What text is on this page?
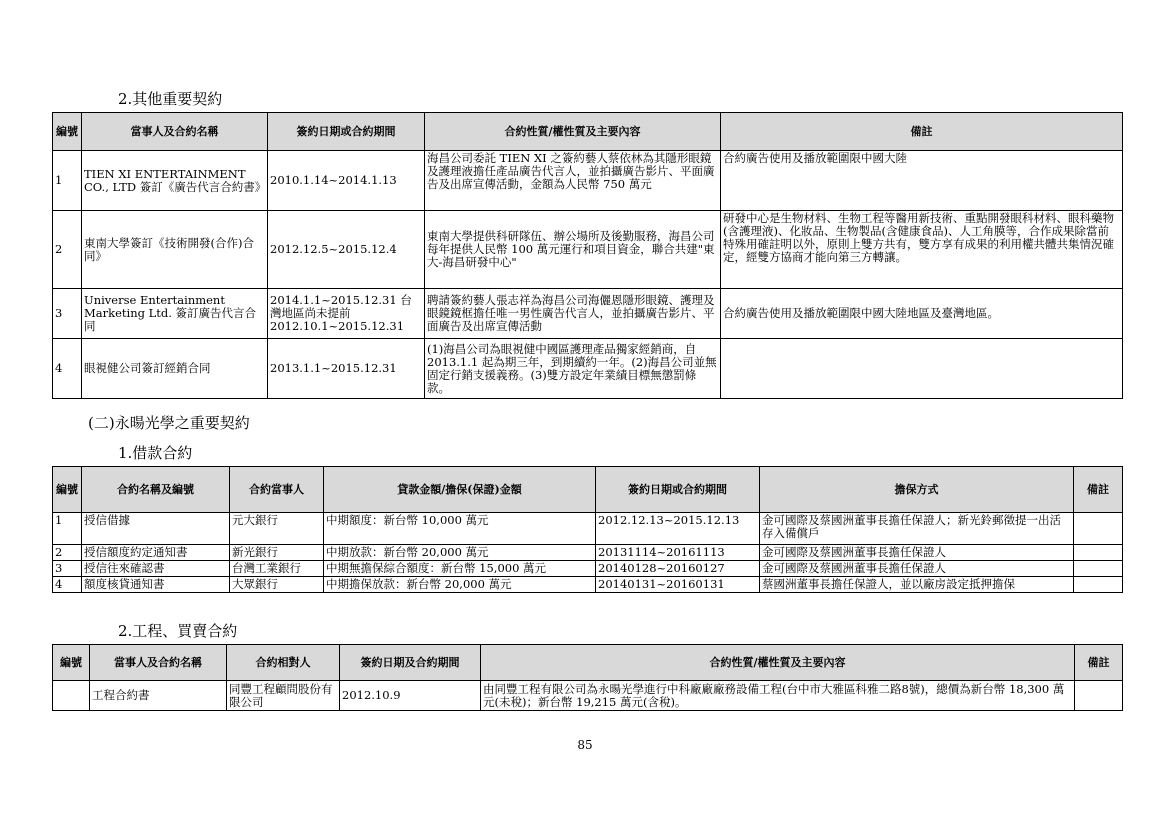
2.其他重要契約
編號	當事人及合約名稱	簽約日期或合約期間	合約性質/權性質及主要內容	備註
1	TIEN XI ENTERTAINMENT CO., LTD 簽訂《廣告代言合約書》	2010.1.14~2014.1.13	海昌公司委託 TIEN XI 之簽約藝人蔡依林為其隱形眼鏡及護理液擔任產品廣告代言人，並拍攝廣告影片、平面廣告及出席宣傳活動，金額為人民幣 750 萬元	合約廣告使用及播放範圍限中國大陸
2	東南大學簽訂《技術開發(合作)合同》	2012.12.5~2015.12.4	東南大學提供科研隊伍、辦公場所及後勤服務，海昌公司每年提供人民幣 100 萬元運行和項目資金，聯合共建"東大-海昌研發中心"	研發中心是生物材料、生物工程等醫用新技術、重點開發眼科材料、眼科藥物(含護理液)、化妝品、生物製品(含健康食品)、人工角膜等，合作成果除當前特殊用確註明以外，原則上雙方共有，雙方享有成果的利用權共體共集情況確定，經雙方協商才能向第三方轉讓。
3	Universe Entertainment Marketing Ltd. 簽訂廣告代言合同	2014.1.1~2015.12.31 台灣地區尚未提前 2012.10.1~2015.12.31	聘請簽約藝人張志祥為海昌公司海儷恩隱形眼鏡、護理及眼鏡鏡框擔任唯一男性廣告代言人，並拍攝廣告影片、平面廣告及出席宣傳活動	合約廣告使用及播放範圍限中國大陸地區及臺灣地區。
4	眼視健公司簽訂經銷合同	2013.1.1~2015.12.31	(1)海昌公司為眼視健中國區護理產品獨家經銷商，自 2013.1.1 起為期三年，到期續約一年。(2)海昌公司並無固定行銷支援義務。(3)雙方設定年業績目標無懲罰條款。	
(二)永暘光學之重要契約
1.借款合約
編號	合約名稱及編號	合約當事人	貸款金額/擔保(保證)金額	簽約日期或合約期間	擔保方式	備註
1	授信借據	元大銀行	中期額度：新台幣 10,000 萬元	2012.12.13~2015.12.13	金可國際及蔡國洲董事長擔任保證人；新光鈴郵徵提一出活存入備償戶	
2	授信額度約定通知書	新光銀行	中期放款：新台幣 20,000 萬元	20131114~20161113	金可國際及蔡國洲董事長擔任保證人	
3	授信往來確認書	台灣工業銀行	中期無擔保綜合額度：新台幣 15,000 萬元	20140128~20160127	金可國際及蔡國洲董事長擔任保證人	
4	額度核貸通知書	大眾銀行	中期擔保放款：新台幣 20,000 萬元	20140131~20160131	蔡國洲董事長擔任保證人，並以廠房設定抵押擔保	
2.工程、買賣合約
編號	當事人及合約名稱	合約相對人	簽約日期及合約期間	合約性質/權性質及主要內容	備註
	工程合約書	同豐工程顧問股份有限公司	2012.10.9	由同豐工程有限公司為永暘光學進行中科廠廠廠務設備工程(台中市大雅區科雅二路8號)，總價為新台幣 18,300 萬元(未稅)；新台幣 19,215 萬元(含稅)。	
85
